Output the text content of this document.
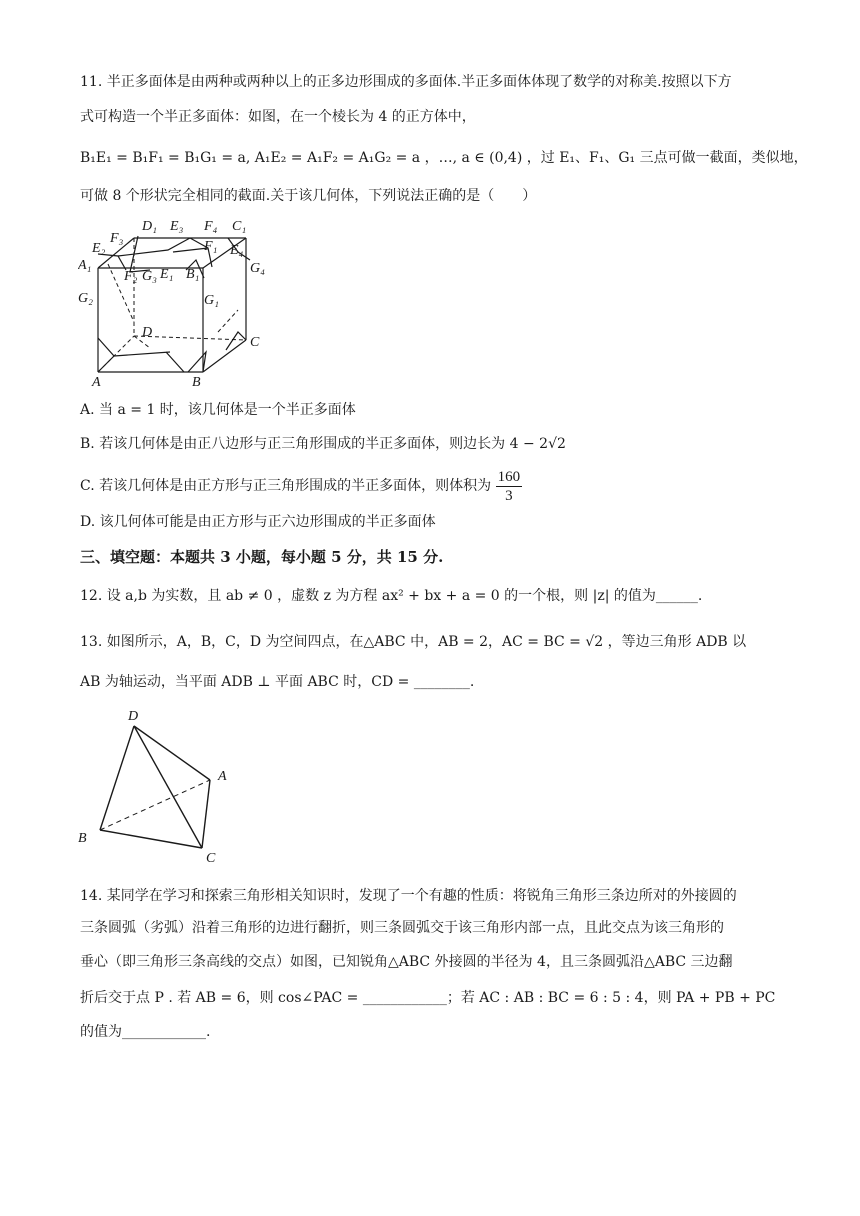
11. 半正多面体是由两种或两种以上的正多边形围成的多面体.半正多面体体现了数学的对称美.按照以下方
式可构造一个半正多面体：如图，在一个棱长为 4 的正方体中，
B₁E₁ = B₁F₁ = B₁G₁ = a, A₁E₂ = A₁F₂ = A₁G₂ = a ，…, a ∈ (0,4) ，过 E₁、F₁、G₁ 三点可做一截面，类似地，
可做 8 个形状完全相同的截面.关于该几何体，下列说法正确的是（　　）
D₁ E₃ F₄ C₁
F₃
E₂	F₁ E₄
A₁	G₄
F₂ G₃ E₁ B₁
G₂	G₁
D
C
A	B
A. 当 a = 1 时，该几何体是一个半正多面体
B. 若该几何体是由正八边形与正三角形围成的半正多面体，则边长为 4 − 2√2
C. 若该几何体是由正方形与正三角形围成的半正多面体，则体积为 $\frac{160}{3}$
D. 该几何体可能是由正方形与正六边形围成的半正多面体
三、填空题：本题共 3 小题，每小题 5 分，共 15 分.
12. 设 a,b 为实数，且 ab ≠ 0 ，虚数 z 为方程 ax² + bx + a = 0 的一个根，则 |z| 的值为______.
13. 如图所示，A，B，C，D 为空间四点，在△ABC 中，AB = 2，AC = BC = √2 ，等边三角形 ADB 以
AB 为轴运动，当平面 ADB ⊥ 平面 ABC 时，CD = ________.
D
A
B
C
14. 某同学在学习和探索三角形相关知识时，发现了一个有趣的性质：将锐角三角形三条边所对的外接圆的
三条圆弧（劣弧）沿着三角形的边进行翻折，则三条圆弧交于该三角形内部一点，且此交点为该三角形的
垂心（即三角形三条高线的交点）如图，已知锐角△ABC 外接圆的半径为 4，且三条圆弧沿△ABC 三边翻
折后交于点 P . 若 AB = 6，则 cos∠PAC = ____________；若 AC : AB : BC = 6 : 5 : 4，则 PA + PB + PC
的值为____________.
